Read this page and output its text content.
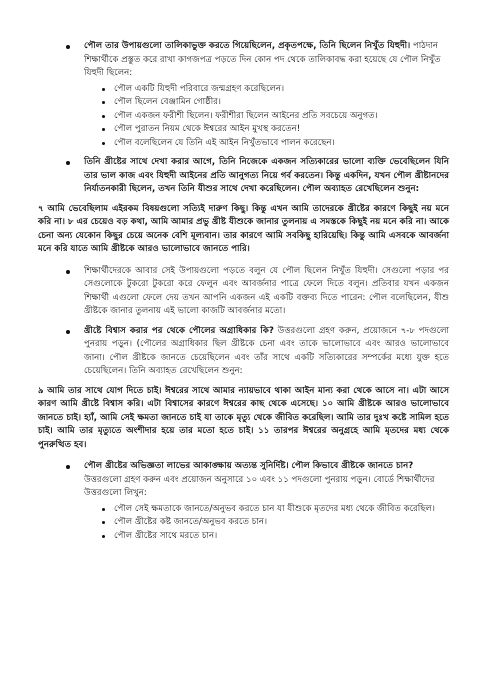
পৌল তার উপায়গুলো তালিকাভুক্ত করতে গিয়েছিলেন, প্রকৃতপক্ষে, তিনি ছিলেন নিখুঁত যিহুদী। পাঠদান শিক্ষার্থীকে প্রস্তুত করে রাখা কাগজপত্র পড়তে দিন কোন পদ থেকে তালিকাবদ্ধ করা হয়েছে যে পৌল নিখুঁত যিহুদী ছিলেন:
পৌল একটি যিহুদী পরিবারে জন্মগ্রহণ করেছিলেন।
পৌল ছিলেন বেঞ্জামিন গোষ্ঠীর।
পৌল একজন ফরীশী ছিলেন। ফরীশীরা ছিলেন আইনের প্রতি সবচেয়ে অনুগত।
পৌল পুরাতন নিয়ম থেকে ঈশ্বরের আইন মুখস্থ করতেন!
পৌল বলেছিলেন যে তিনি এই আইন নিখুঁতভাবে পালন করেছেন।
তিনি খ্রীষ্টের সাথে দেখা করার আগে, তিনি নিজেকে একজন সত্যিকারের ভালো ব্যক্তি ভেবেছিলেন যিনি তার ভাল কাজ এবং যিহুদী আইনের প্রতি আনুগত্য নিয়ে গর্ব করতেন। কিন্তু একদিন, যখন পৌল খ্রীষ্টানদের নির্যাতনকারী ছিলেন, তখন তিনি যীশুর সাথে দেখা করেছিলেন। পৌল অব্যাহত রেখেছিলেন শুনুন:

৭ আমি ভেবেছিলাম এইরকম বিষয়গুলো সত্যিই দারুণ কিছু। কিন্তু এখন আমি তাদেরকে খ্রীষ্টের কারণে কিছুই নয় মনে করি না। ৮ এর চেয়েও বড় কথা, আমি আমার প্রভু খ্রীষ্ট যীশুকে জানার তুলনায় এ সমস্তকে কিছুই নয় মনে করি না। আকে চেনা অন্য যেকোন কিছুর চেয়ে অনেক বেশি মূল্যবান। তার কারণে আমি সবকিছু হারিয়েছি। কিন্তু আমি এসবকে আবর্জনা মনে করি যাতে আমি খ্রীষ্টকে আরও ভালোভাবে জানতে পারি।

শিক্ষার্থীদেরকে আবার সেই উপায়গুলো পড়তে বলুন যে পৌল ছিলেন নিখুঁত যিহুদী। সেগুলো পড়ার পর সেগুলোকে টুকরো টুকরো করে ফেলুন এবং আবর্জনার পাত্রে ফেলে দিতে বলুন। প্রতিবার যখন একজন শিক্ষার্থী এগুলো ফেলে দেয় তখন আপনি একজন এই একটি বক্তব্য দিতে পারেন: পৌল বলেছিলেন, যীশু খ্রীষ্টকে জানার তুলনায় এই ভালো কাজটি আবর্জনার মতো।
খ্রীষ্টে বিশ্বাস করার পর থেকে পৌলের অগ্রাধিকার কি? উত্তরগুলো গ্রহণ করুন, প্রয়োজনে ৭-৮ পদগুলো পুনরায় পড়ুন। (পৌলের অগ্রাধিকার ছিল খ্রীষ্টকে চেনা এবং তাকে ভালোভাবে এবং আরও ভালোভাবে জানা। পৌল খ্রীষ্টকে জানতে চেয়েছিলেন এবং তাঁর সাথে একটি সত্যিকারের সম্পর্কের মধ্যে যুক্ত হতে চেয়েছিলেন। তিনি অব্যাহত রেখেছিলেন শুনুন:

৯ আমি তার সাথে যোগ দিতে চাই। ঈশ্বরের সাথে আমার ন্যায়ভাবে থাকা আইন মান্য করা থেকে আসে না। এটা আসে কারণ আমি খ্রীষ্টে বিশ্বাস করি। এটা বিশ্বাসের কারণে ঈশ্বরের কাছ থেকে এসেছে। ১০ আমি খ্রীষ্টকে আরও ভালোভাবে জানতে চাই। হ্যাঁ, আমি সেই ক্ষমতা জানতে চাই যা তাকে মৃত্যু থেকে জীবিত করেছিল। আমি তার দুঃখ কষ্টে সামিল হতে চাই। আমি তার মৃত্যুতে অংশীদার হয়ে তার মতো হতে চাই। ১১ তারপর ঈশ্বরের অনুগ্রহে আমি মৃতদের মধ্য থেকে পুনরুত্থিত হব।

পৌল খ্রীষ্টের অভিজ্ঞতা লাভের আকাঙ্ক্ষায় অত্যন্ত সুনির্দিষ্ট। পৌল কিভাবে খ্রীষ্টকে জানতে চান? উত্তরগুলো গ্রহণ করুন এবং প্রয়োজন অনুসারে ১০ এবং ১১ পদগুলো পুনরায় পড়ুন। বোর্ডে শিক্ষার্থীদের উত্তরগুলো লিখুন:
পৌল সেই ক্ষমতাকে জানতে/অনুভব করতে চান যা যীশুকে মৃতদের মধ্য থেকে জীবিত করেছিল।
পৌল খ্রীষ্টের কষ্ট জানতে/অনুভব করতে চান।
পৌল খ্রীষ্টের সাথে মরতে চান।
